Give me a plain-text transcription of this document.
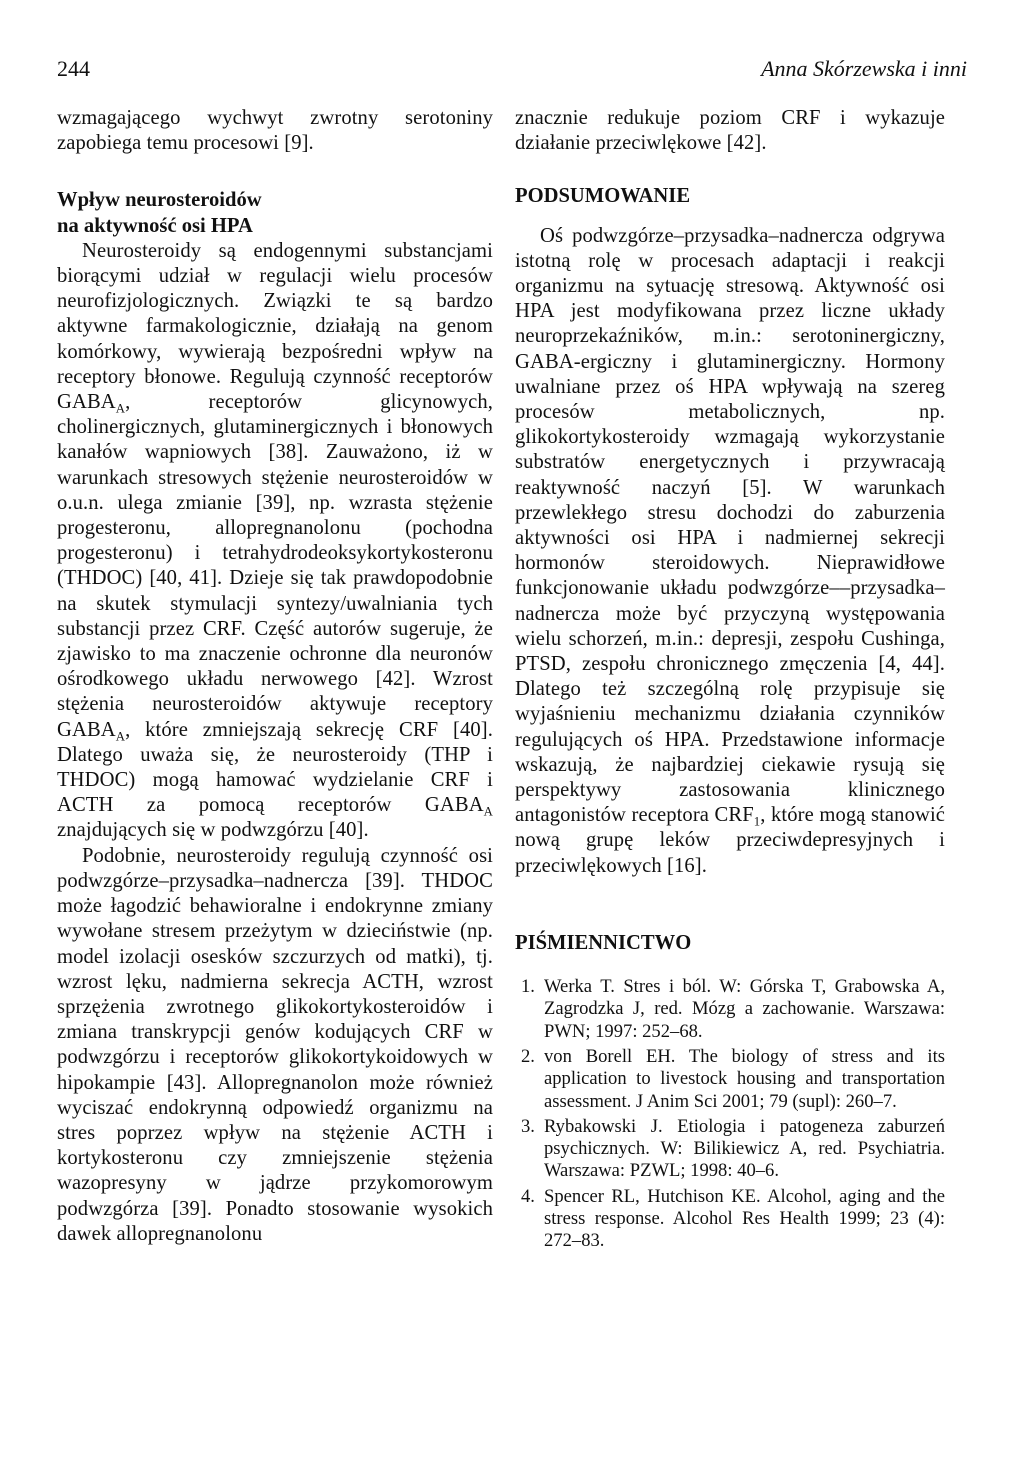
244	Anna Skórzewska i inni

wzmagającego wychwyt zwrotny serotoniny zapobiega temu procesowi [9].

Wpływ neurosteroidów
na aktywność osi HPA

Neurosteroidy są endogennymi substancjami biorącymi udział w regulacji wielu procesów neurofizjologicznych. Związki te są bardzo aktywne farmakologicznie, działają na genom komórkowy, wywierają bezpośredni wpływ na receptory błonowe. Regulują czynność receptorów $GABA_A$, receptorów glicynowych, cholinergicznych, glutaminergicznych i błonowych kanałów wapniowych [38]. Zauważono, iż w warunkach stresowych stężenie neurosteroidów w o.u.n. ulega zmianie [39], np. wzrasta stężenie progesteronu, allopregnanolonu (pochodna progesteronu) i tetrahydrodeoksykortykosteronu (THDOC) [40, 41]. Dzieje się tak prawdopodobnie na skutek stymulacji syntezy/uwalniania tych substancji przez CRF. Część autorów sugeruje, że zjawisko to ma znaczenie ochronne dla neuronów ośrodkowego układu nerwowego [42]. Wzrost stężenia neurosteroidów aktywuje receptory $GABA_A$, które zmniejszają sekrecję CRF [40]. Dlatego uważa się, że neurosteroidy (THP i THDOC) mogą hamować wydzielanie CRF i ACTH za pomocą receptorów $GABA_A$ znajdujących się w podwzgórzu [40].

Podobnie, neurosteroidy regulują czynność osi podwzgórze–przysadka–nadnercza [39]. THDOC może łagodzić behawioralne i endokrynne zmiany wywołane stresem przeżytym w dzieciństwie (np. model izolacji osesków szczurzych od matki), tj. wzrost lęku, nadmierna sekrecja ACTH, wzrost sprzężenia zwrotnego glikokortykosteroidów i zmiana transkrypcji genów kodujących CRF w podwzgórzu i receptorów glikokortykoidowych w hipokampie [43]. Allopregnanolon może również wyciszać endokrynną odpowiedź organizmu na stres poprzez wpływ na stężenie ACTH i kortykosteronu czy zmniejszenie stężenia wazopresyny w jądrze przykomorowym podwzgórza [39]. Ponadto stosowanie wysokich dawek allopregnanolonu

znacznie redukuje poziom CRF i wykazuje działanie przeciwlękowe [42].

PODSUMOWANIE

Oś podwzgórze–przysadka–nadnercza odgrywa istotną rolę w procesach adaptacji i reakcji organizmu na sytuację stresową. Aktywność osi HPA jest modyfikowana przez liczne układy neuroprzekaźników, m.in.: serotoninergiczny, GABA-ergiczny i glutaminergiczny. Hormony uwalniane przez oś HPA wpływają na szereg procesów metabolicznych, np. glikokortykosteroidy wzmagają wykorzystanie substratów energetycznych i przywracają reaktywność naczyń [5]. W warunkach przewlekłego stresu dochodzi do zaburzenia aktywności osi HPA i nadmiernej sekrecji hormonów steroidowych. Nieprawidłowe funkcjonowanie układu podwzgórze––przysadka–nadnercza może być przyczyną występowania wielu schorzeń, m.in.: depresji, zespołu Cushinga, PTSD, zespołu chronicznego zmęczenia [4, 44]. Dlatego też szczególną rolę przypisuje się wyjaśnieniu mechanizmu działania czynników regulujących oś HPA. Przedstawione informacje wskazują, że najbardziej ciekawie rysują się perspektywy zastosowania klinicznego antagonistów receptora $CRF_1$, które mogą stanowić nową grupę leków przeciwdepresyjnych i przeciwlękowych [16].

PIŚMIENNICTWO
1. Werka T. Stres i ból. W: Górska T, Grabowska A, Zagrodzka J, red. Mózg a zachowanie. Warszawa: PWN; 1997: 252–68.
2. von Borell EH. The biology of stress and its application to livestock housing and transportation assessment. J Anim Sci 2001; 79 (supl): 260–7.
3. Rybakowski J. Etiologia i patogeneza zaburzeń psychicznych. W: Bilikiewicz A, red. Psychiatria. Warszawa: PZWL; 1998: 40–6.
4. Spencer RL, Hutchison KE. Alcohol, aging and the stress response. Alcohol Res Health 1999; 23 (4): 272–83.
